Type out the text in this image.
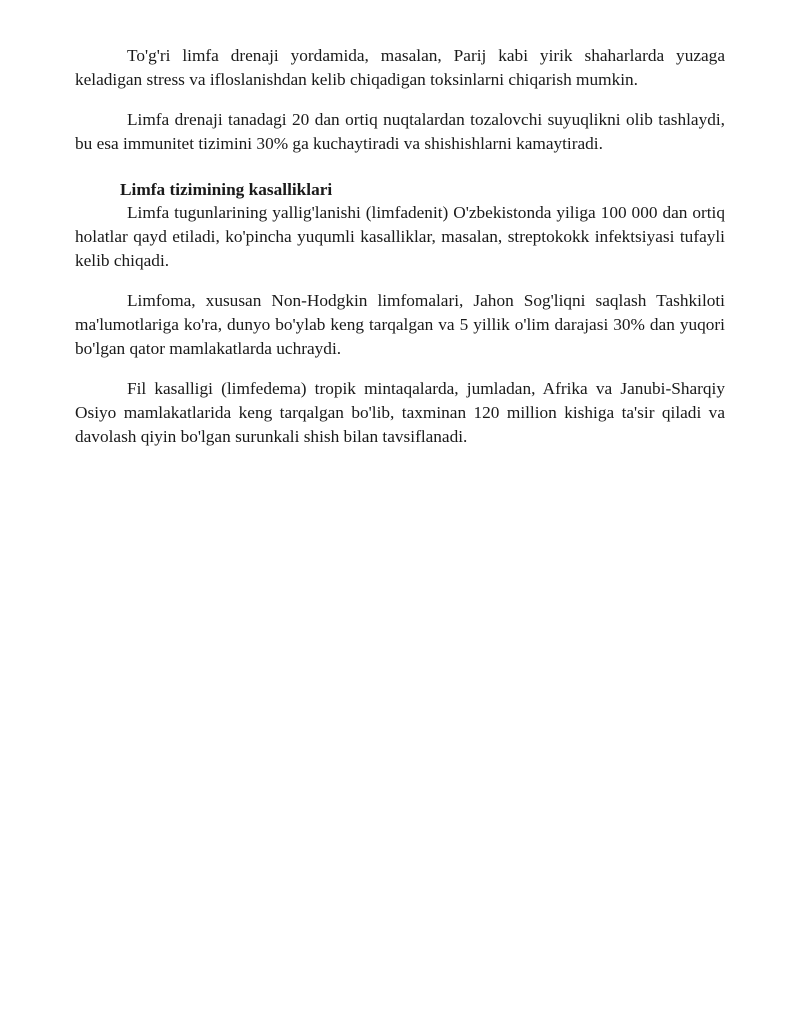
To'g'ri limfa drenaji yordamida, masalan, Parij kabi yirik shaharlarda yuzaga keladigan stress va ifloslanishdan kelib chiqadigan toksinlarni chiqarish mumkin.

Limfa drenaji tanadagi 20 dan ortiq nuqtalardan tozalovchi suyuqlikni olib tashlaydi, bu esa immunitet tizimini 30% ga kuchaytiradi va shishishlarni kamaytiradi.

Limfa tizimining kasalliklari

Limfa tugunlarining yallig'lanishi (limfadenit) O'zbekistonda yiliga 100 000 dan ortiq holatlar qayd etiladi, ko'pincha yuqumli kasalliklar, masalan, streptokokk infektsiyasi tufayli kelib chiqadi.

Limfoma, xususan Non-Hodgkin limfomalari, Jahon Sog'liqni saqlash Tashkiloti ma'lumotlariga ko'ra, dunyo bo'ylab keng tarqalgan va 5 yillik o'lim darajasi 30% dan yuqori bo'lgan qator mamlakatlarda uchraydi.

Fil kasalligi (limfedema) tropik mintaqalarda, jumladan, Afrika va Janubi-Sharqiy Osiyo mamlakatlarida keng tarqalgan bo'lib, taxminan 120 million kishiga ta'sir qiladi va davolash qiyin bo'lgan surunkali shish bilan tavsiflanadi.
